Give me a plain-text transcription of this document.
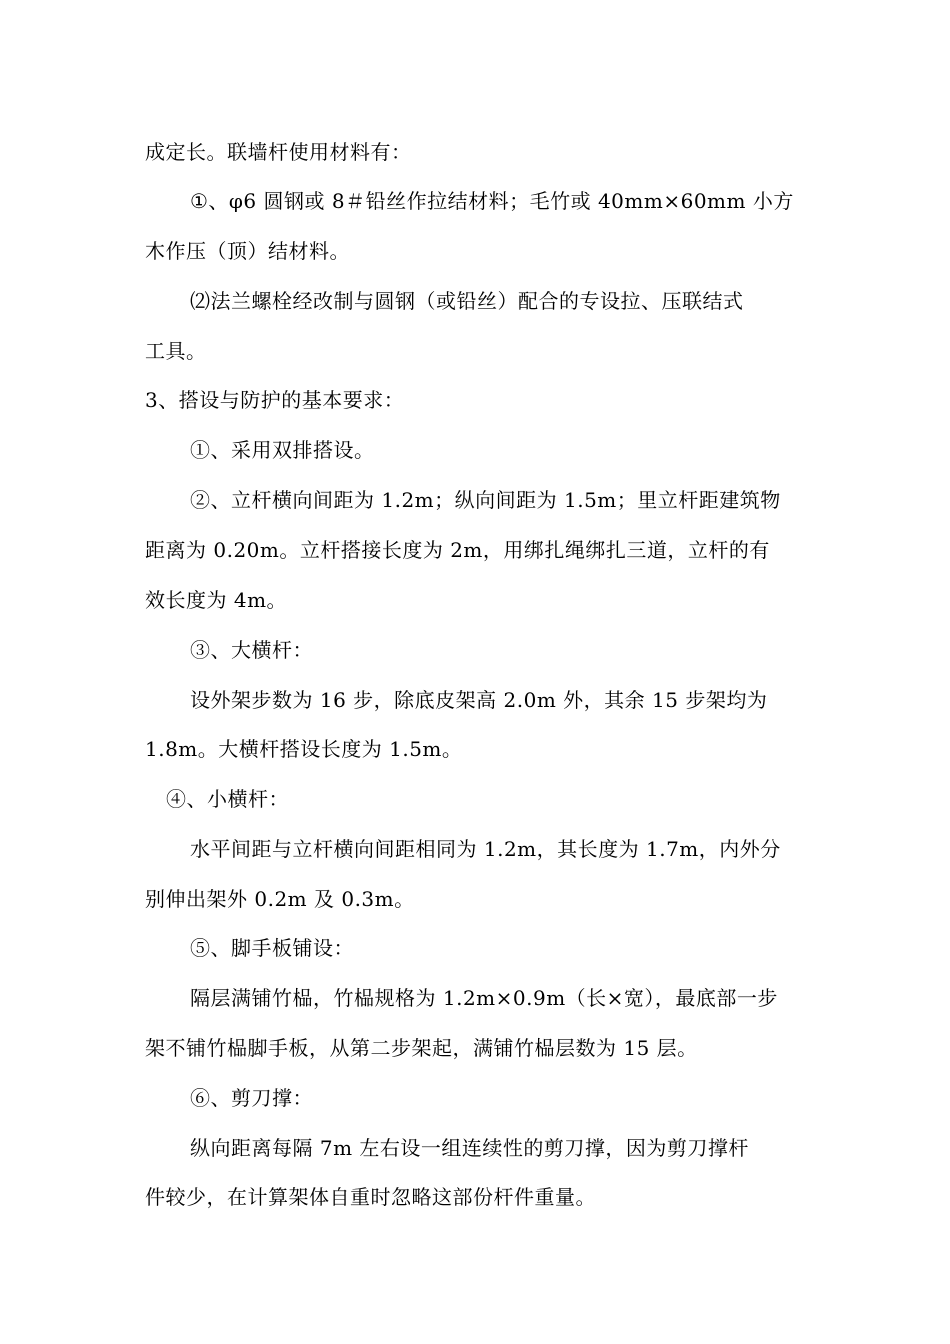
成定长。联墙杆使用材料有：
①、φ6 圆钢或 8＃铅丝作拉结材料；毛竹或 40mm×60mm 小方
木作压（顶）结材料。
⑵法兰螺栓经改制与圆钢（或铅丝）配合的专设拉、压联结式
工具。
3、搭设与防护的基本要求：
①、采用双排搭设。
②、立杆横向间距为 1.2m；纵向间距为 1.5m；里立杆距建筑物
距离为 0.20m。立杆搭接长度为 2m，用绑扎绳绑扎三道，立杆的有
效长度为 4m。
③、大横杆：
设外架步数为 16 步，除底皮架高 2.0m 外，其余 15 步架均为
1.8m。大横杆搭设长度为 1.5m。
④、小横杆：
水平间距与立杆横向间距相同为 1.2m，其长度为 1.7m，内外分
别伸出架外 0.2m 及 0.3m。
⑤、脚手板铺设：
隔层满铺竹榀，竹榀规格为 1.2m×0.9m（长×宽），最底部一步
架不铺竹榀脚手板，从第二步架起，满铺竹榀层数为 15 层。
⑥、剪刀撑：
纵向距离每隔 7m 左右设一组连续性的剪刀撑，因为剪刀撑杆
件较少，在计算架体自重时忽略这部份杆件重量。
